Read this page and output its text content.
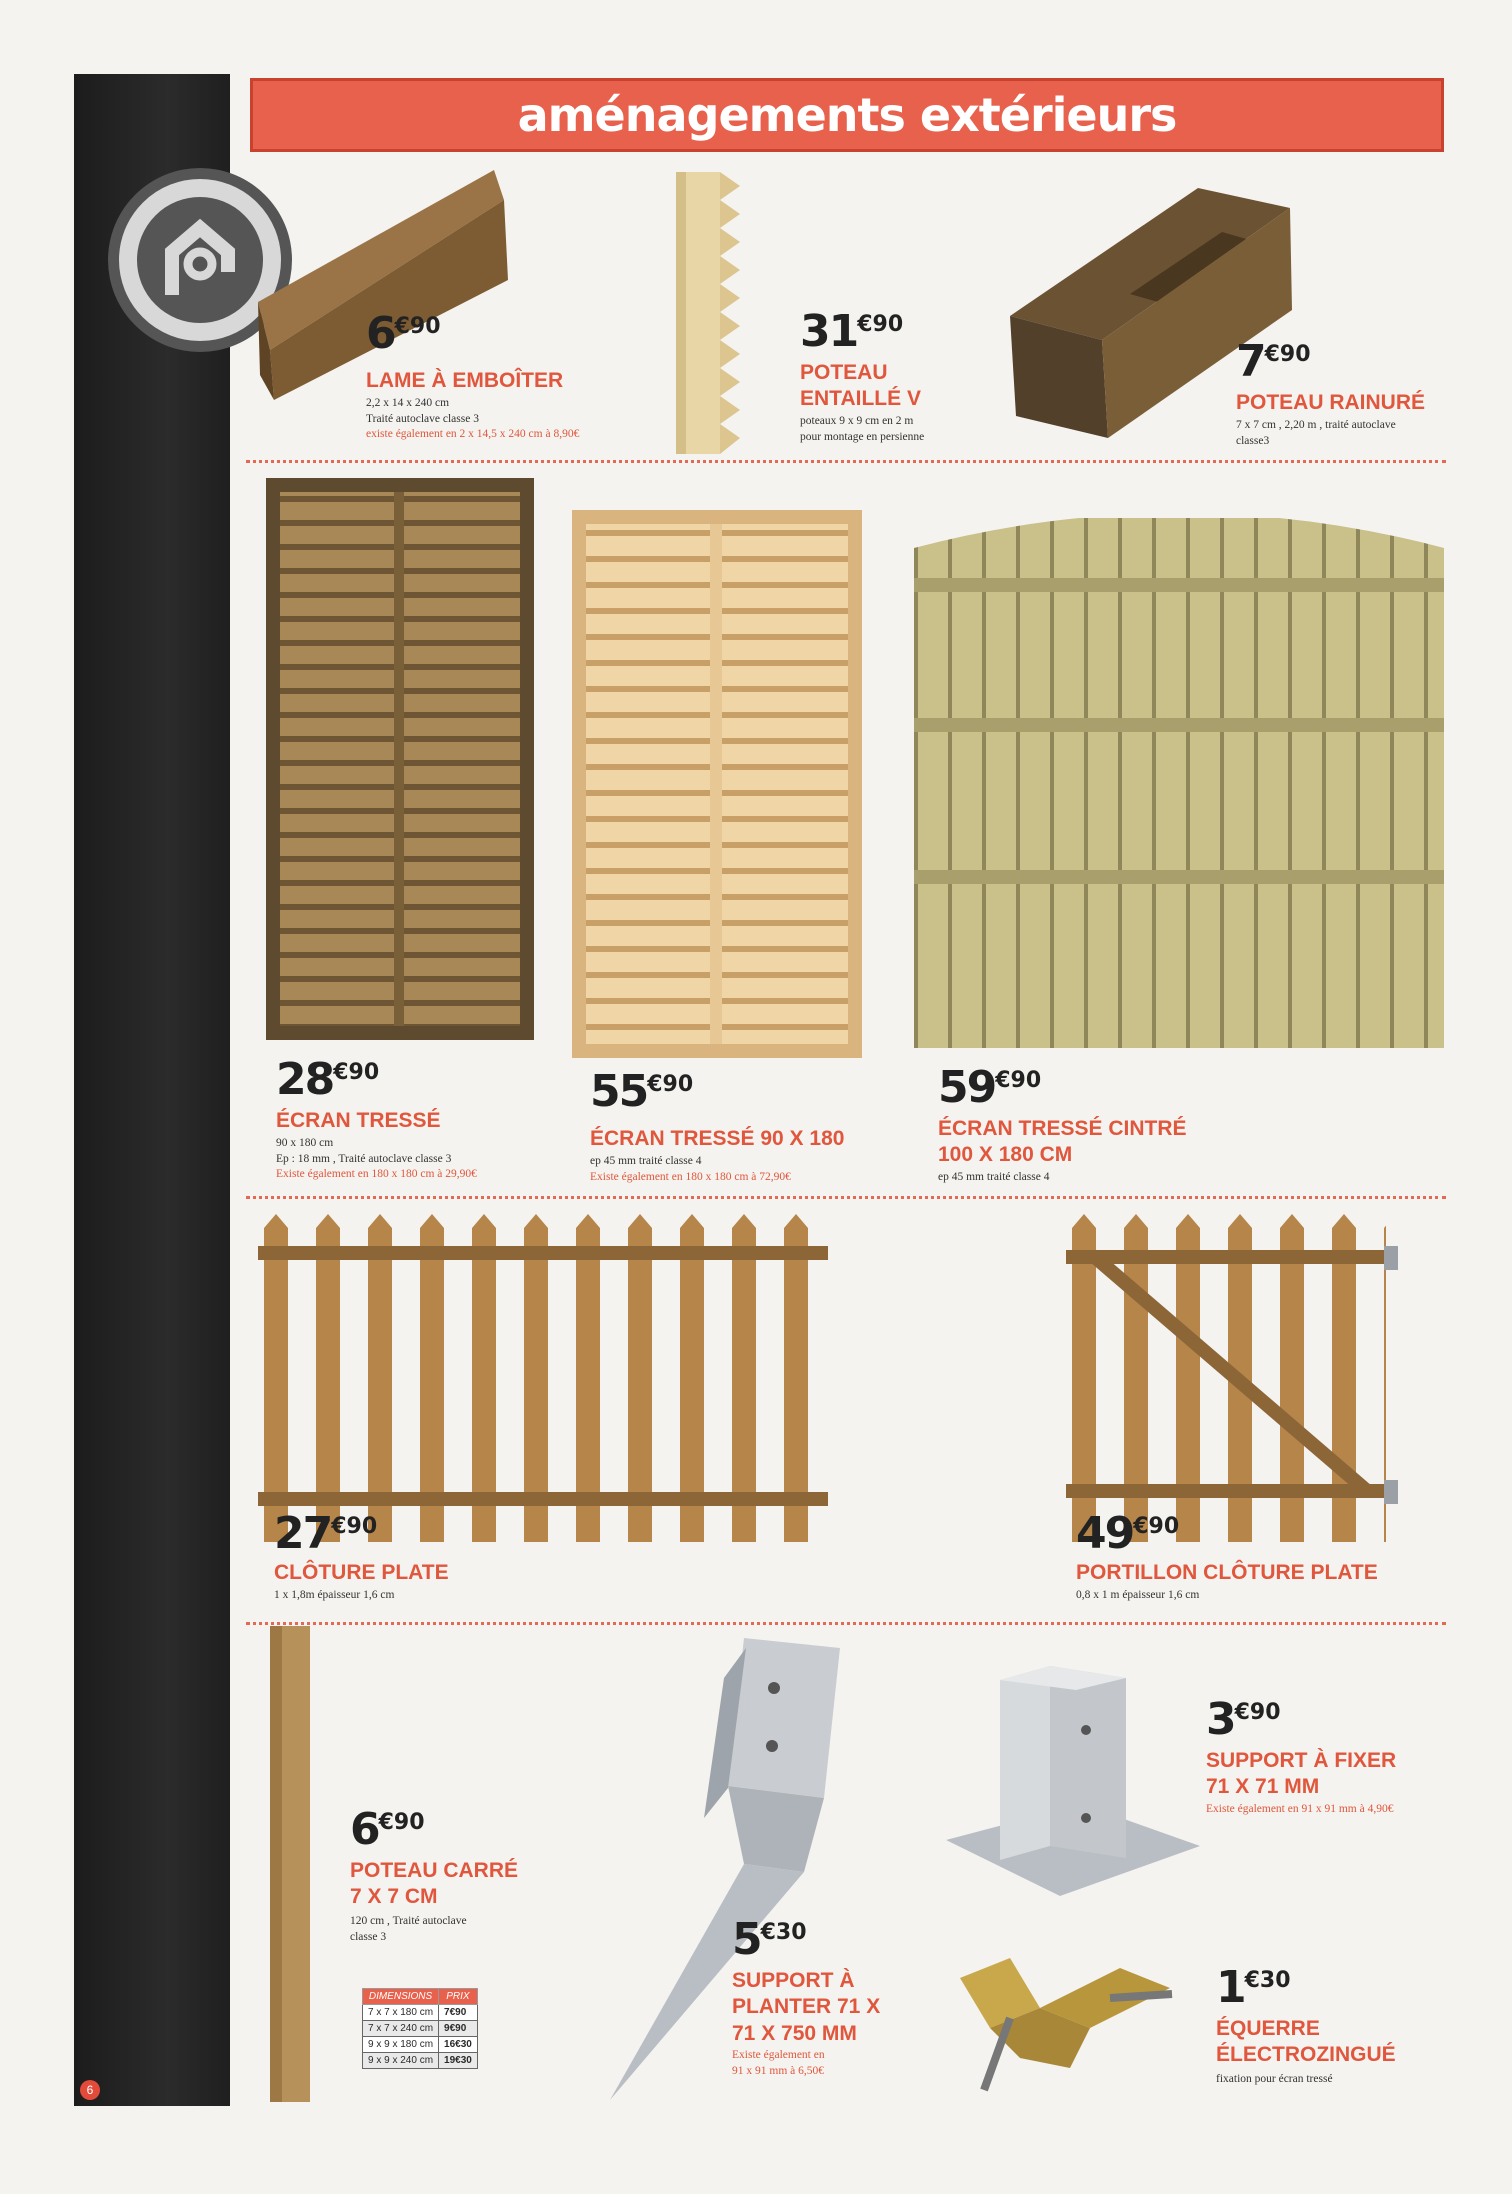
6
aménagements extérieurs
6€90
LAME À EMBOÎTER
2,2 x 14 x 240 cm
Traité autoclave classe 3
existe également en 2 x 14,5 x 240 cm à 8,90€
31€90
POTEAU
ENTAILLÉ V
poteaux 9 x 9 cm en 2 m
pour montage en persienne
7€90
POTEAU RAINURÉ
7 x 7 cm , 2,20 m , traité autoclave
classe3
28€90
ÉCRAN TRESSÉ
90 x 180 cm
Ep : 18 mm , Traité autoclave classe 3
Existe également en 180 x 180 cm à 29,90€
55€90
ÉCRAN TRESSÉ 90 X 180
ep 45 mm traité classe 4
Existe également en 180 x 180 cm à 72,90€
59€90
ÉCRAN TRESSÉ CINTRÉ
100 X 180 CM
ep 45 mm traité classe 4
27€90
CLÔTURE PLATE
1 x 1,8m épaisseur 1,6 cm
49€90
PORTILLON CLÔTURE PLATE
0,8 x 1 m épaisseur 1,6 cm
6€90
POTEAU CARRÉ
7 X 7 CM
120 cm , Traité autoclave
classe 3
DIMENSIONS	PRIX
7 x 7 x 180 cm	7€90
7 x 7 x 240 cm	9€90
9 x 9 x 180 cm	16€30
9 x 9 x 240 cm	19€30
5€30
SUPPORT À
PLANTER 71 X
71 X 750 MM
Existe également en
91 x 91 mm à 6,50€
3€90
SUPPORT À FIXER
71 X 71 MM
Existe également en 91 x 91 mm à 4,90€
1€30
ÉQUERRE
ÉLECTROZINGUÉ
fixation pour écran tressé
